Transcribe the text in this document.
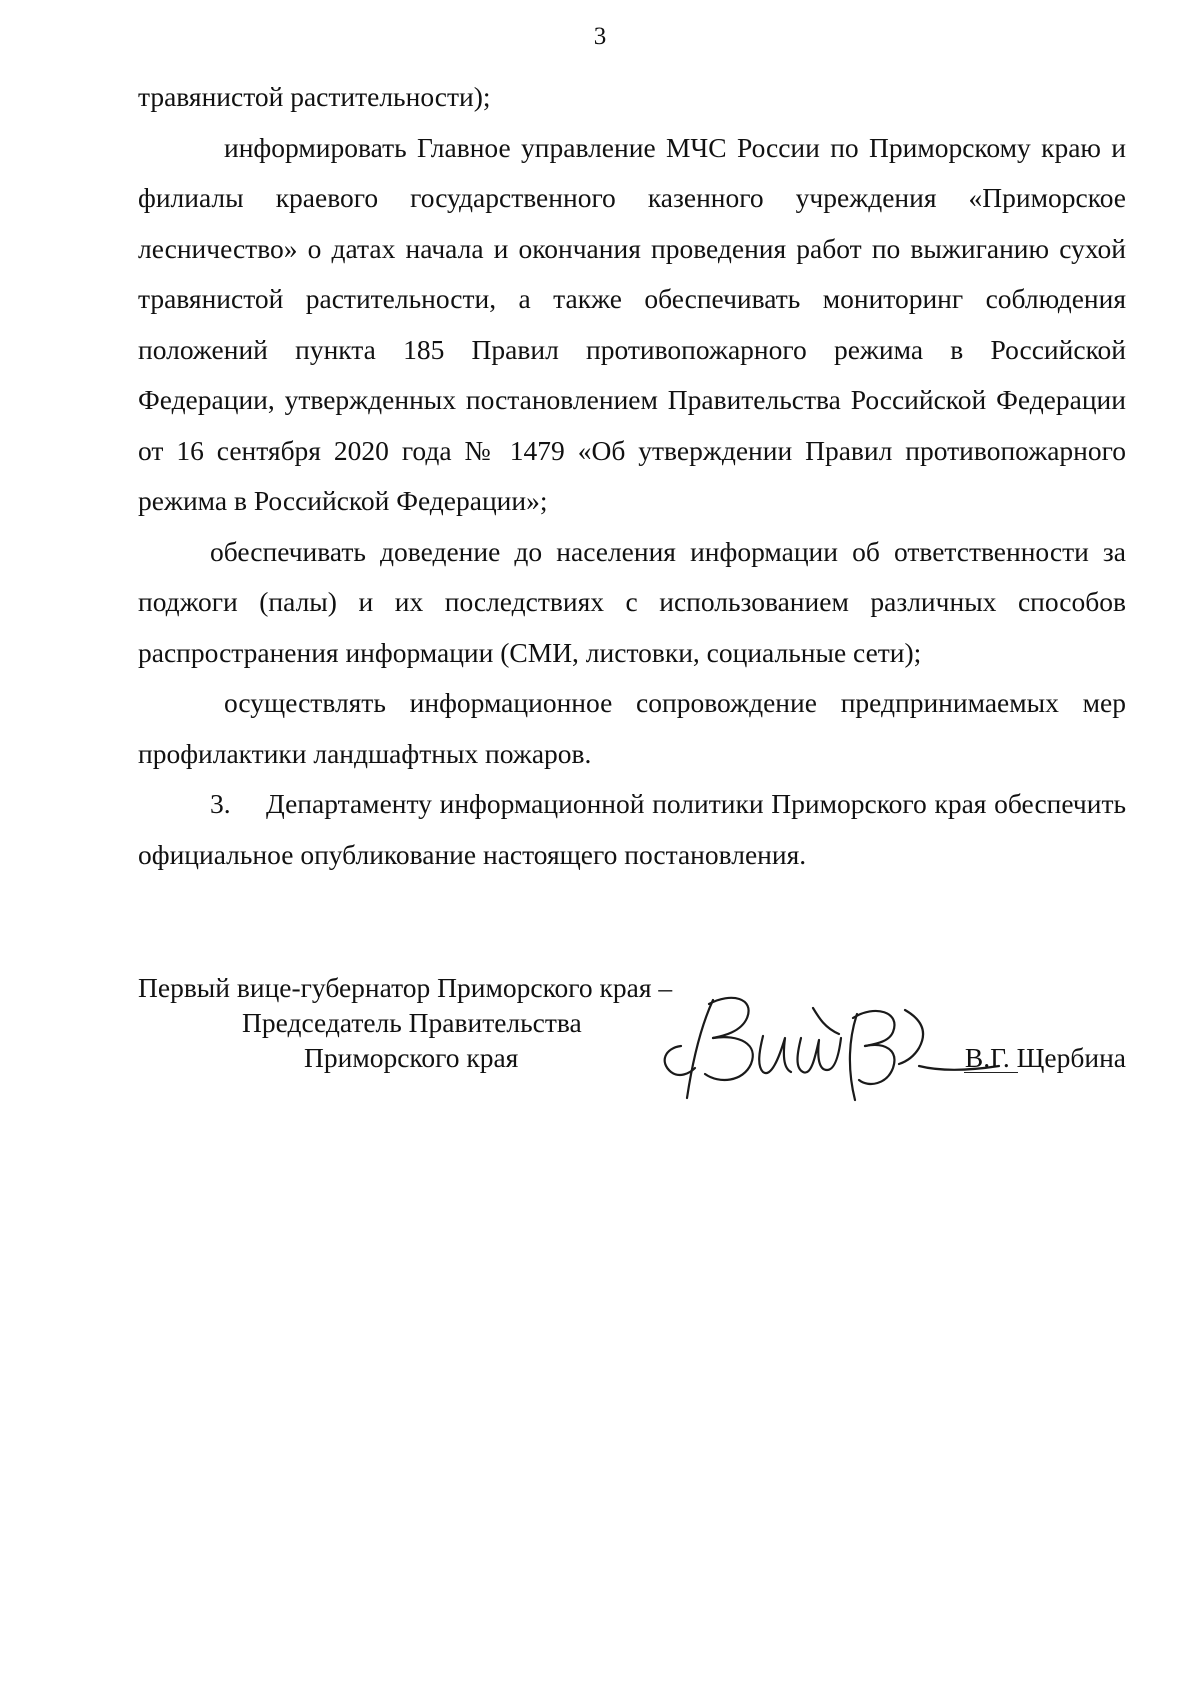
3

травянистой растительности);

информировать Главное управление МЧС России по Приморскому краю и филиалы краевого государственного казенного учреждения «Приморское лесничество» о датах начала и окончания проведения работ по выжиганию сухой травянистой растительности, а также обеспечивать мониторинг соблюдения положений пункта 185 Правил противопожарного режима в Российской Федерации, утвержденных постановлением Правительства Российской Федерации от 16 сентября 2020 года № 1479 «Об утверждении Правил противопожарного режима в Российской Федерации»;

обеспечивать доведение до населения информации об ответственности за поджоги (палы) и их последствиях с использованием различных способов распространения информации (СМИ, листовки, социальные сети);

осуществлять информационное сопровождение предпринимаемых мер профилактики ландшафтных пожаров.

3. Департаменту информационной политики Приморского края обеспечить официальное опубликование настоящего постановления.

Первый вице-губернатор Приморского края –
Председатель Правительства
Приморского края	В.Г. Щербина
